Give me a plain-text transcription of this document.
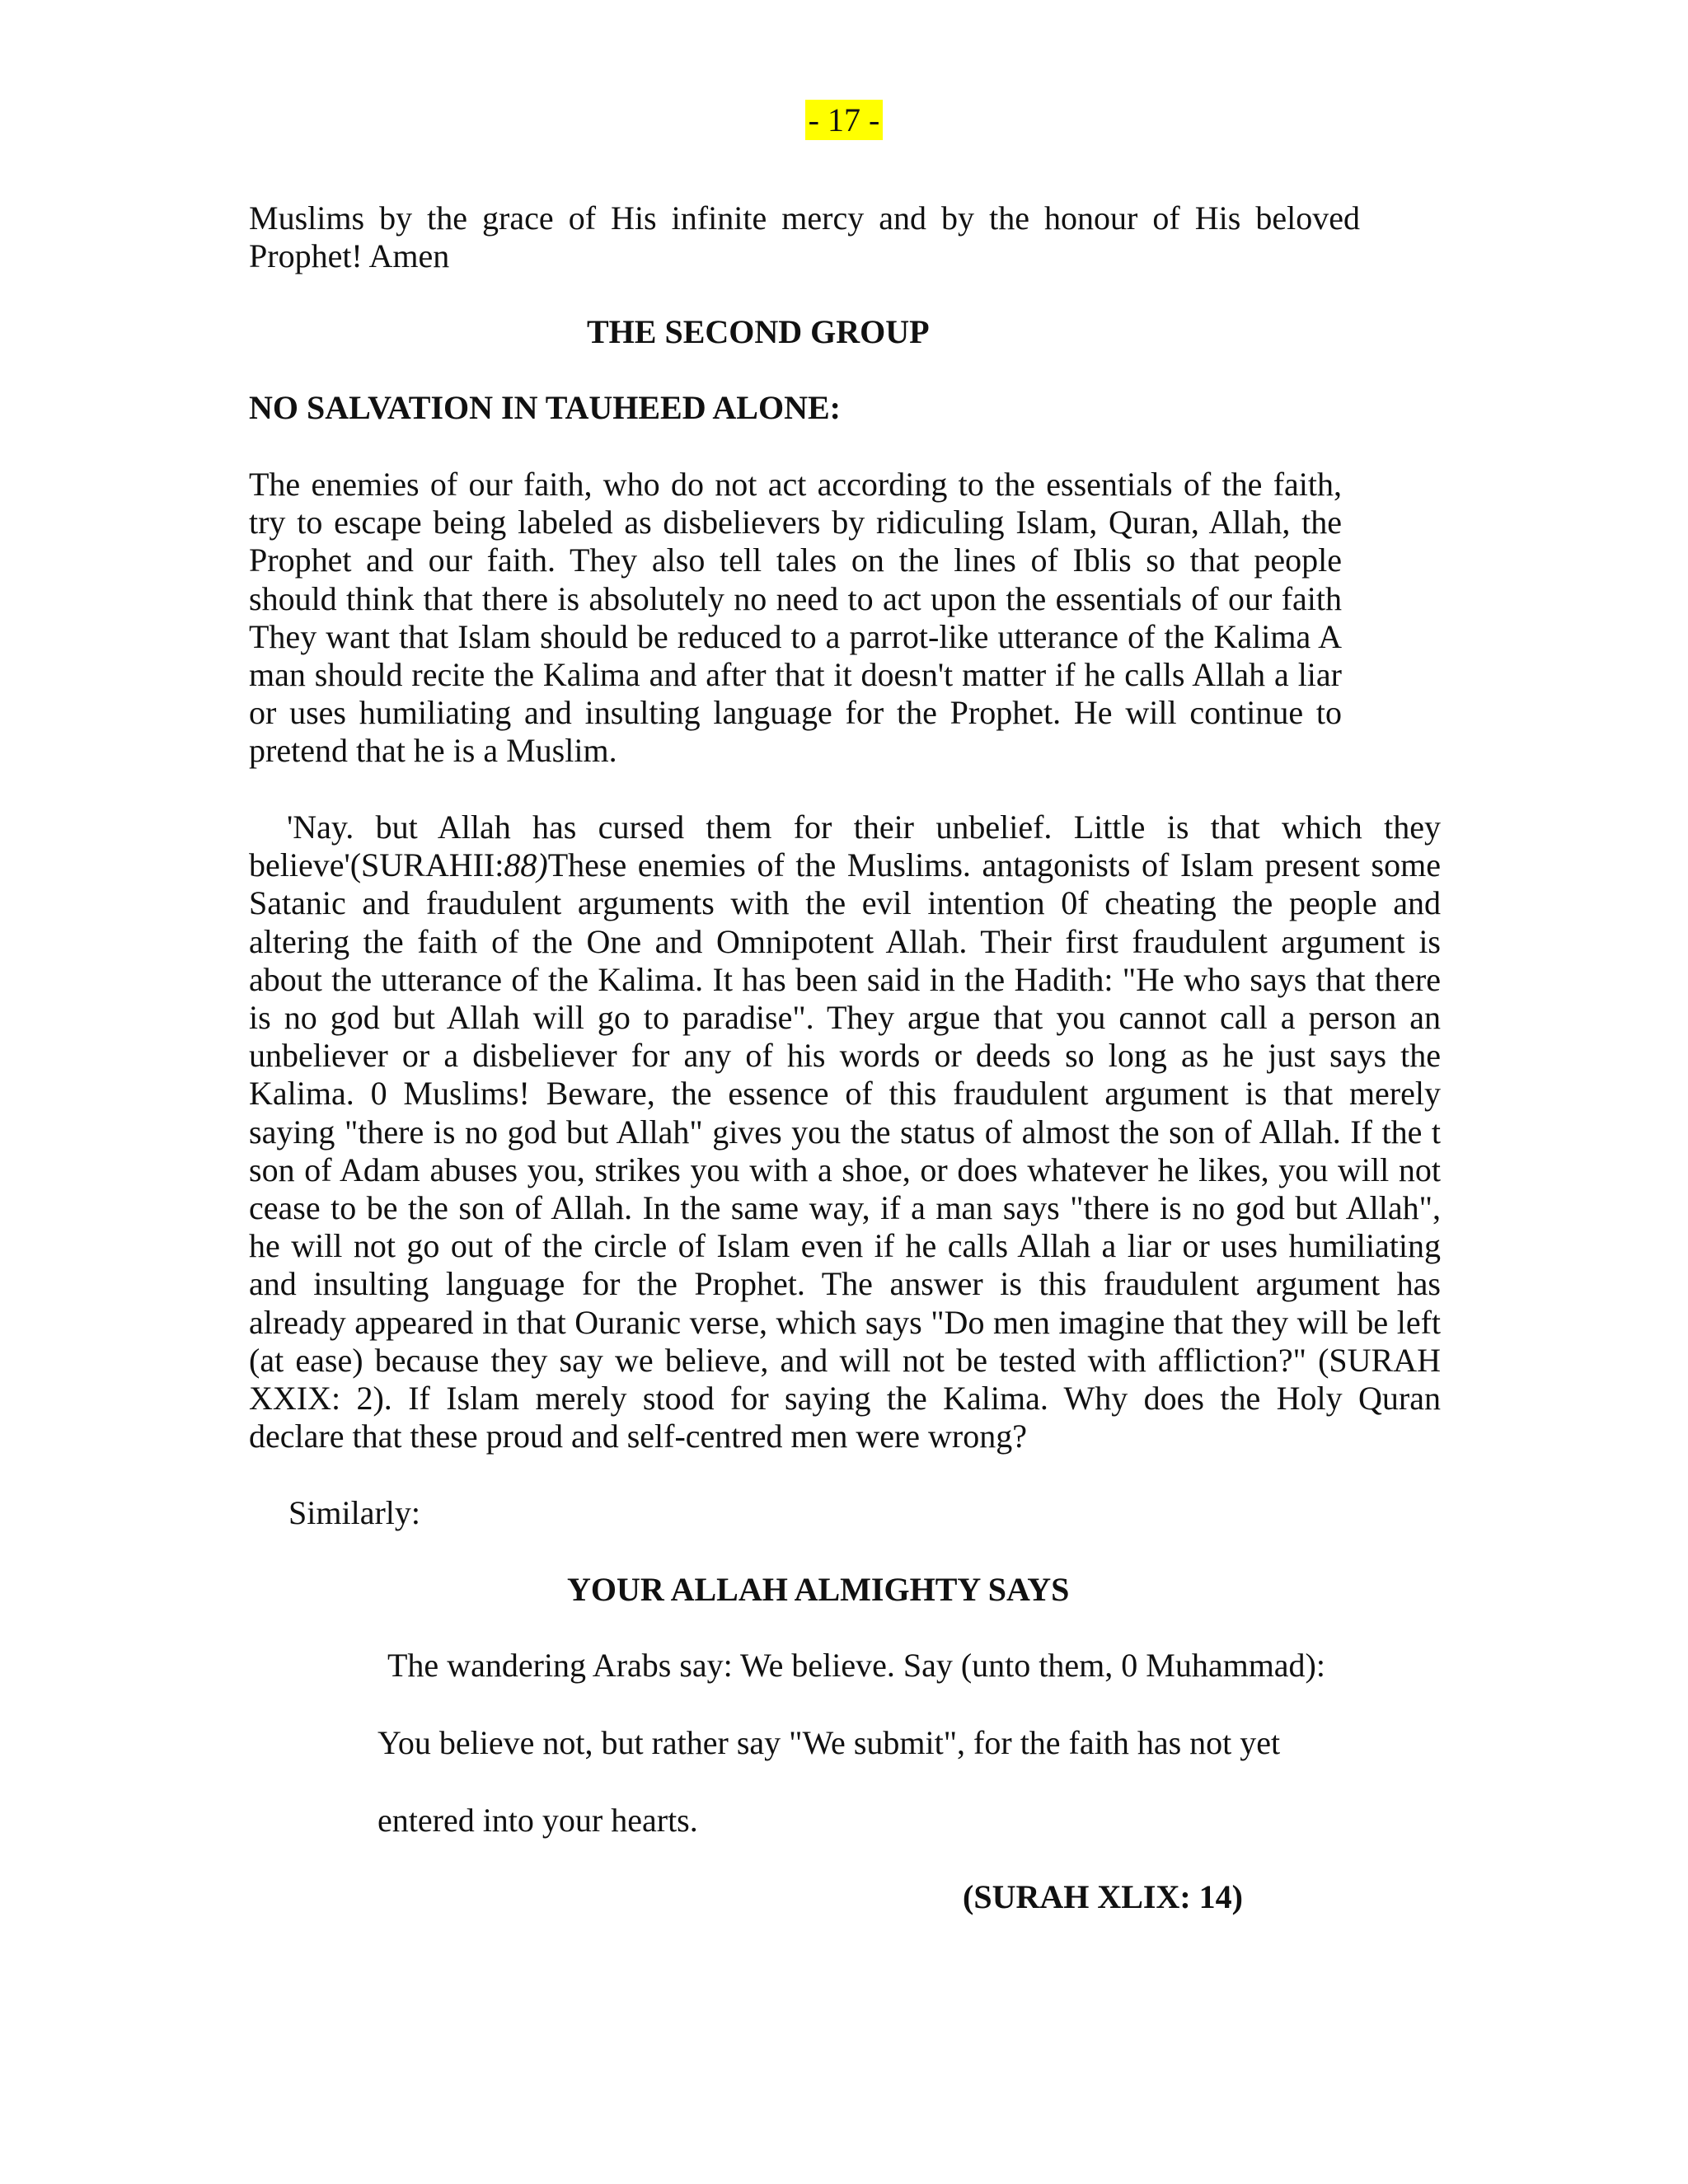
- 17 -
Muslims by the grace of His infinite mercy and by the honour of His beloved
Prophet! Amen
THE SECOND GROUP
NO SALVATION IN TAUHEED ALONE:
The enemies of our faith, who do not act according to the essentials of the faith,
try to escape being labeled as disbelievers by ridiculing Islam, Quran, Allah, the
Prophet and our faith. They also tell tales on the lines of Iblis so that people
should think that there is absolutely no need to act upon the essentials of our faith
They want that Islam should be reduced to a parrot-like utterance of the Kalima A
man should recite the Kalima and after that it doesn't matter if he calls Allah a liar
or uses humiliating and insulting language for the Prophet. He will continue to
pretend that he is a Muslim.
'Nay. but Allah has cursed them for their unbelief. Little is that which they
believe'(SURAHII:88)These enemies of the Muslims. antagonists of Islam present some
Satanic and fraudulent arguments with the evil intention 0f cheating the people and
altering the faith of the One and Omnipotent Allah. Their first fraudulent argument is
about the utterance of the Kalima. It has been said in the Hadith: "He who says that there
is no god but Allah will go to paradise". They argue that you cannot call a person an
unbeliever or a disbeliever for any of his words or deeds so long as he just says the
Kalima. 0 Muslims! Beware, the essence of this fraudulent argument is that merely
saying "there is no god but Allah" gives you the status of almost the son of Allah. If the t
son of Adam abuses you, strikes you with a shoe, or does whatever he likes, you will not
cease to be the son of Allah. In the same way, if a man says "there is no god but Allah",
he will not go out of the circle of Islam even if he calls Allah a liar or uses humiliating
and insulting language for the Prophet. The answer is this fraudulent argument has
already appeared in that Ouranic verse, which says "Do men imagine that they will be left
(at ease) because they say we believe, and will not be tested with affliction?" (SURAH
XXIX: 2). If Islam merely stood for saying the Kalima. Why does the Holy Quran
declare that these proud and self-centred men were wrong?
Similarly:
YOUR ALLAH ALMIGHTY SAYS
The wandering Arabs say: We believe. Say (unto them, 0 Muhammad):
You believe not, but rather say "We submit", for the faith has not yet
entered into your hearts.
(SURAH XLIX: 14)
